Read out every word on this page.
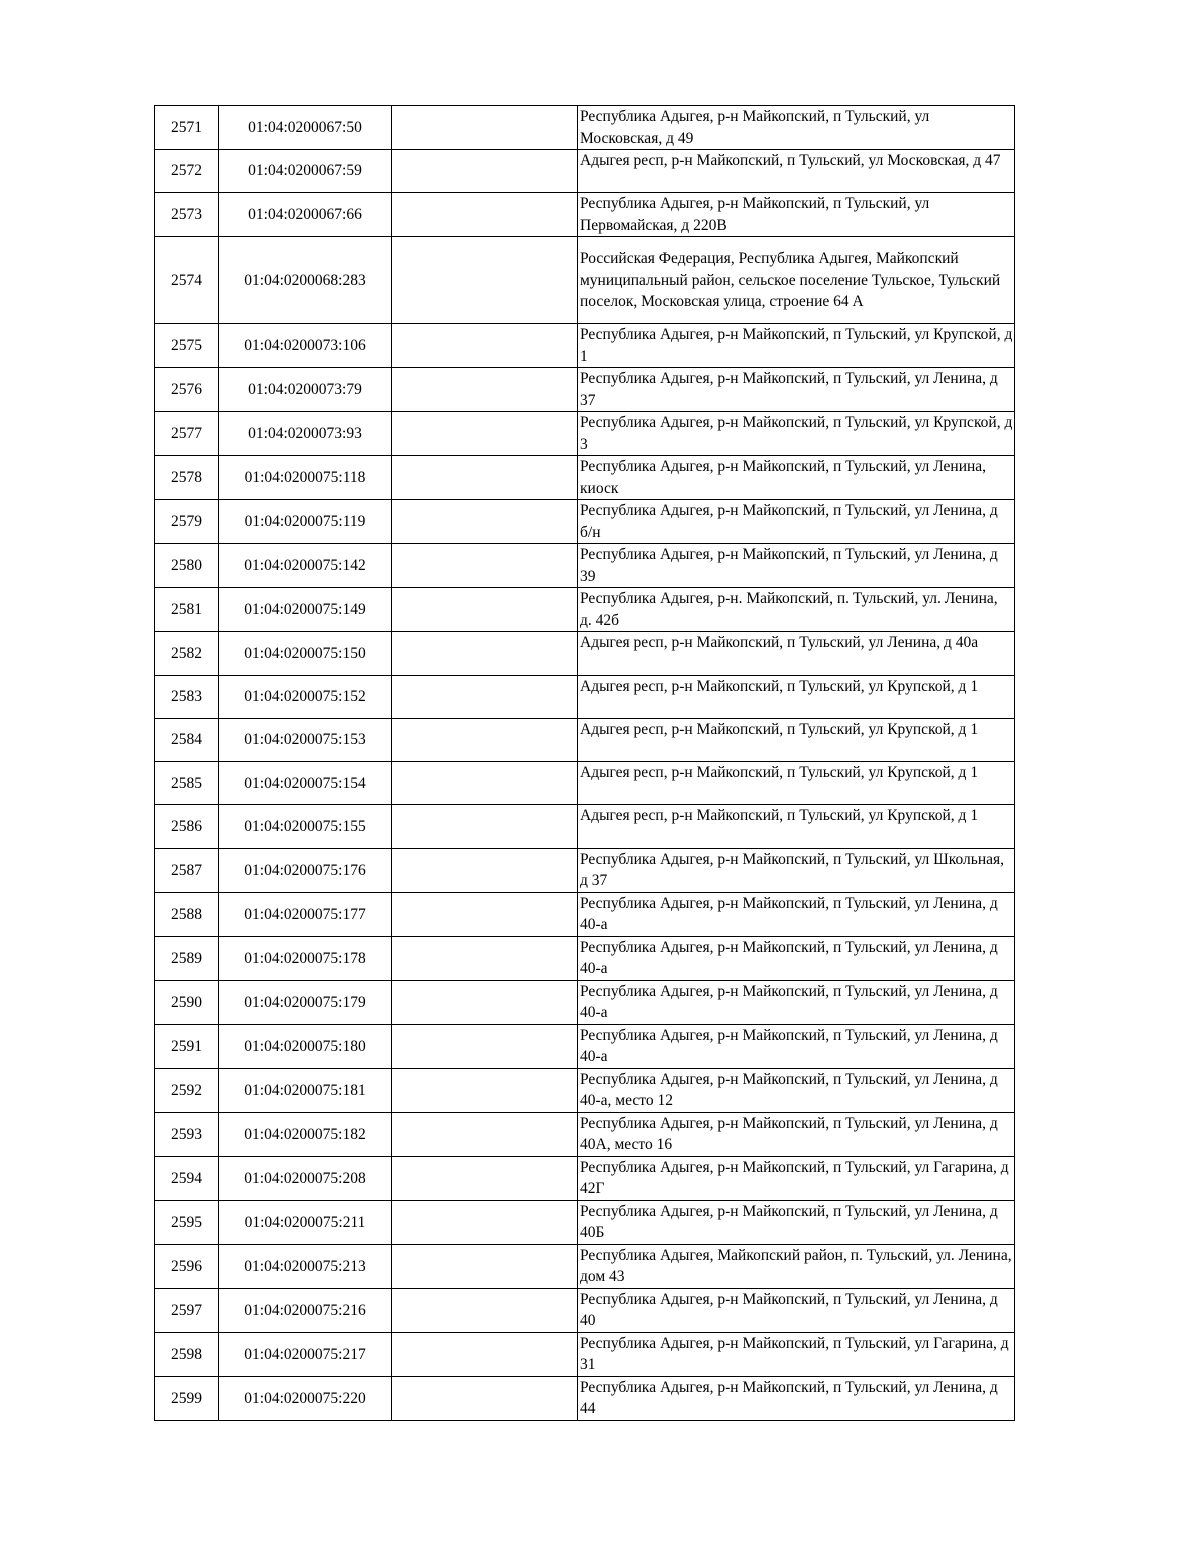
2571	01:04:0200067:50		Республика Адыгея, р-н Майкопский, п Тульский, ул Московская, д 49

2572	01:04:0200067:59		Адыгея респ, р-н Майкопский, п Тульский, ул Московская, д 47

2573	01:04:0200067:66		Республика Адыгея, р-н Майкопский, п Тульский, ул Первомайская, д 220В

2574	01:04:0200068:283		Российская Федерация, Республика Адыгея, Майкопский муниципальный район, сельское поселение Тульское, Тульский поселок, Московская улица, строение 64 А

2575	01:04:0200073:106		Республика Адыгея, р-н Майкопский, п Тульский, ул Крупской, д 1

2576	01:04:0200073:79		Республика Адыгея, р-н Майкопский, п Тульский, ул Ленина, д 37

2577	01:04:0200073:93		Республика Адыгея, р-н Майкопский, п Тульский, ул Крупской, д 3

2578	01:04:0200075:118		Республика Адыгея, р-н Майкопский, п Тульский, ул Ленина, киоск

2579	01:04:0200075:119		Республика Адыгея, р-н Майкопский, п Тульский, ул Ленина, д б/н

2580	01:04:0200075:142		Республика Адыгея, р-н Майкопский, п Тульский, ул Ленина, д 39

2581	01:04:0200075:149		Республика Адыгея, р-н. Майкопский, п. Тульский, ул. Ленина, д. 42б

2582	01:04:0200075:150		Адыгея респ, р-н Майкопский, п Тульский, ул Ленина, д 40а

2583	01:04:0200075:152		Адыгея респ, р-н Майкопский, п Тульский, ул Крупской, д 1

2584	01:04:0200075:153		Адыгея респ, р-н Майкопский, п Тульский, ул Крупской, д 1

2585	01:04:0200075:154		Адыгея респ, р-н Майкопский, п Тульский, ул Крупской, д 1

2586	01:04:0200075:155		Адыгея респ, р-н Майкопский, п Тульский, ул Крупской, д 1

2587	01:04:0200075:176		Республика Адыгея, р-н Майкопский, п Тульский, ул Школьная, д 37

2588	01:04:0200075:177		Республика Адыгея, р-н Майкопский, п Тульский, ул Ленина, д 40-а

2589	01:04:0200075:178		Республика Адыгея, р-н Майкопский, п Тульский, ул Ленина, д 40-а

2590	01:04:0200075:179		Республика Адыгея, р-н Майкопский, п Тульский, ул Ленина, д 40-а

2591	01:04:0200075:180		Республика Адыгея, р-н Майкопский, п Тульский, ул Ленина, д 40-а

2592	01:04:0200075:181		Республика Адыгея, р-н Майкопский, п Тульский, ул Ленина, д 40-а, место 12

2593	01:04:0200075:182		Республика Адыгея, р-н Майкопский, п Тульский, ул Ленина, д 40А, место 16

2594	01:04:0200075:208		Республика Адыгея, р-н Майкопский, п Тульский, ул Гагарина, д 42Г

2595	01:04:0200075:211		Республика Адыгея, р-н Майкопский, п Тульский, ул Ленина, д 40Б

2596	01:04:0200075:213		Республика Адыгея, Майкопский район, п. Тульский, ул. Ленина, дом 43

2597	01:04:0200075:216		Республика Адыгея, р-н Майкопский, п Тульский, ул Ленина, д 40

2598	01:04:0200075:217		Республика Адыгея, р-н Майкопский, п Тульский, ул Гагарина, д 31

2599	01:04:0200075:220		Республика Адыгея, р-н Майкопский, п Тульский, ул Ленина, д 44
